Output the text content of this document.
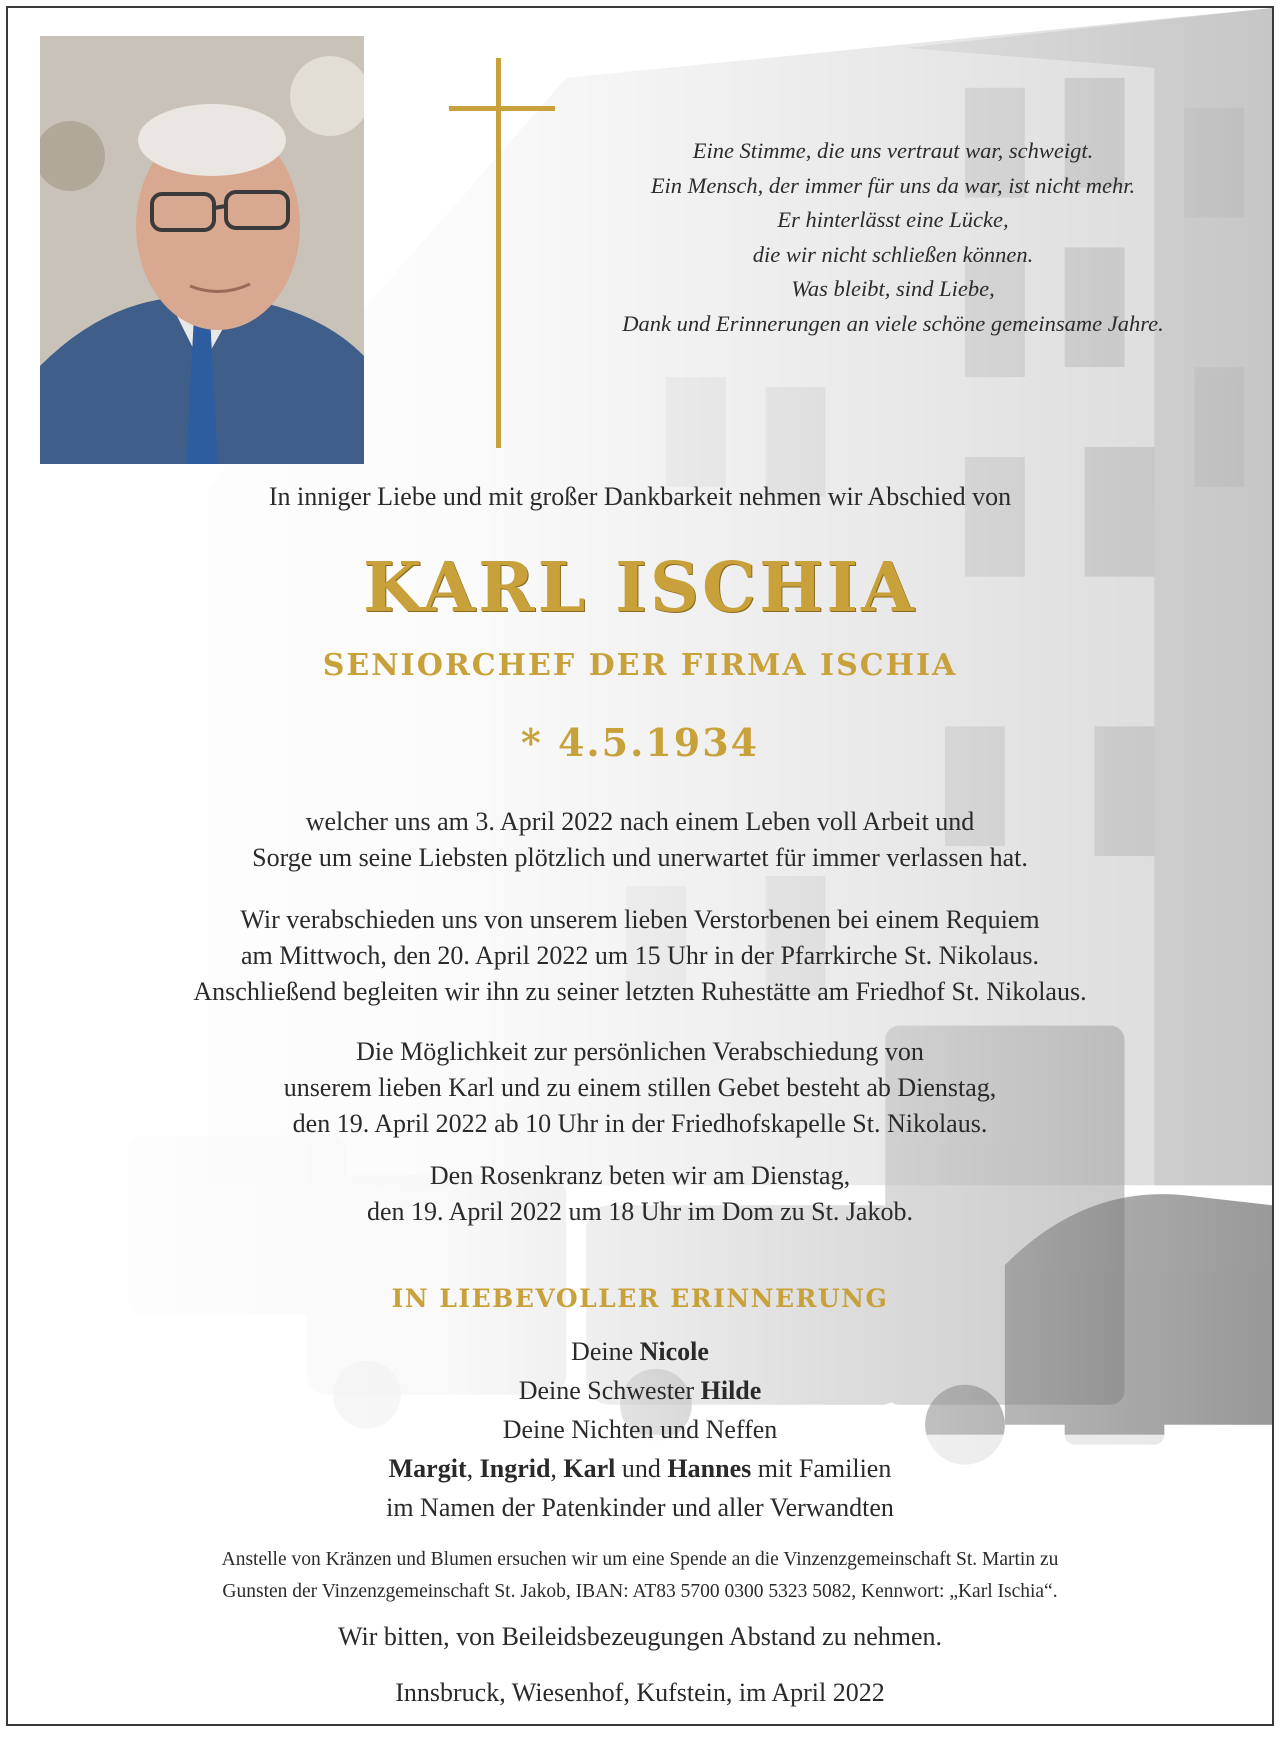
Eine Stimme, die uns vertraut war, schweigt.
Ein Mensch, der immer für uns da war, ist nicht mehr.
Er hinterlässt eine Lücke,
die wir nicht schließen können.
Was bleibt, sind Liebe,
Dank und Erinnerungen an viele schöne gemeinsame Jahre.
In inniger Liebe und mit großer Dankbarkeit nehmen wir Abschied von
KARL ISCHIA
SENIORCHEF DER FIRMA ISCHIA
* 4.5.1934
welcher uns am 3. April 2022 nach einem Leben voll Arbeit und
Sorge um seine Liebsten plötzlich und unerwartet für immer verlassen hat.
Wir verabschieden uns von unserem lieben Verstorbenen bei einem Requiem
am Mittwoch, den 20. April 2022 um 15 Uhr in der Pfarrkirche St. Nikolaus.
Anschließend begleiten wir ihn zu seiner letzten Ruhestätte am Friedhof St. Nikolaus.
Die Möglichkeit zur persönlichen Verabschiedung von
unserem lieben Karl und zu einem stillen Gebet besteht ab Dienstag,
den 19. April 2022 ab 10 Uhr in der Friedhofskapelle St. Nikolaus.
Den Rosenkranz beten wir am Dienstag,
den 19. April 2022 um 18 Uhr im Dom zu St. Jakob.
IN LIEBEVOLLER ERINNERUNG
Deine Nicole
Deine Schwester Hilde
Deine Nichten und Neffen
Margit, Ingrid, Karl und Hannes mit Familien
im Namen der Patenkinder und aller Verwandten
Anstelle von Kränzen und Blumen ersuchen wir um eine Spende an die Vinzenzgemeinschaft St. Martin zu
Gunsten der Vinzenzgemeinschaft St. Jakob, IBAN: AT83 5700 0300 5323 5082, Kennwort: „Karl Ischia“.
Wir bitten, von Beileidsbezeugungen Abstand zu nehmen.
Innsbruck, Wiesenhof, Kufstein, im April 2022
